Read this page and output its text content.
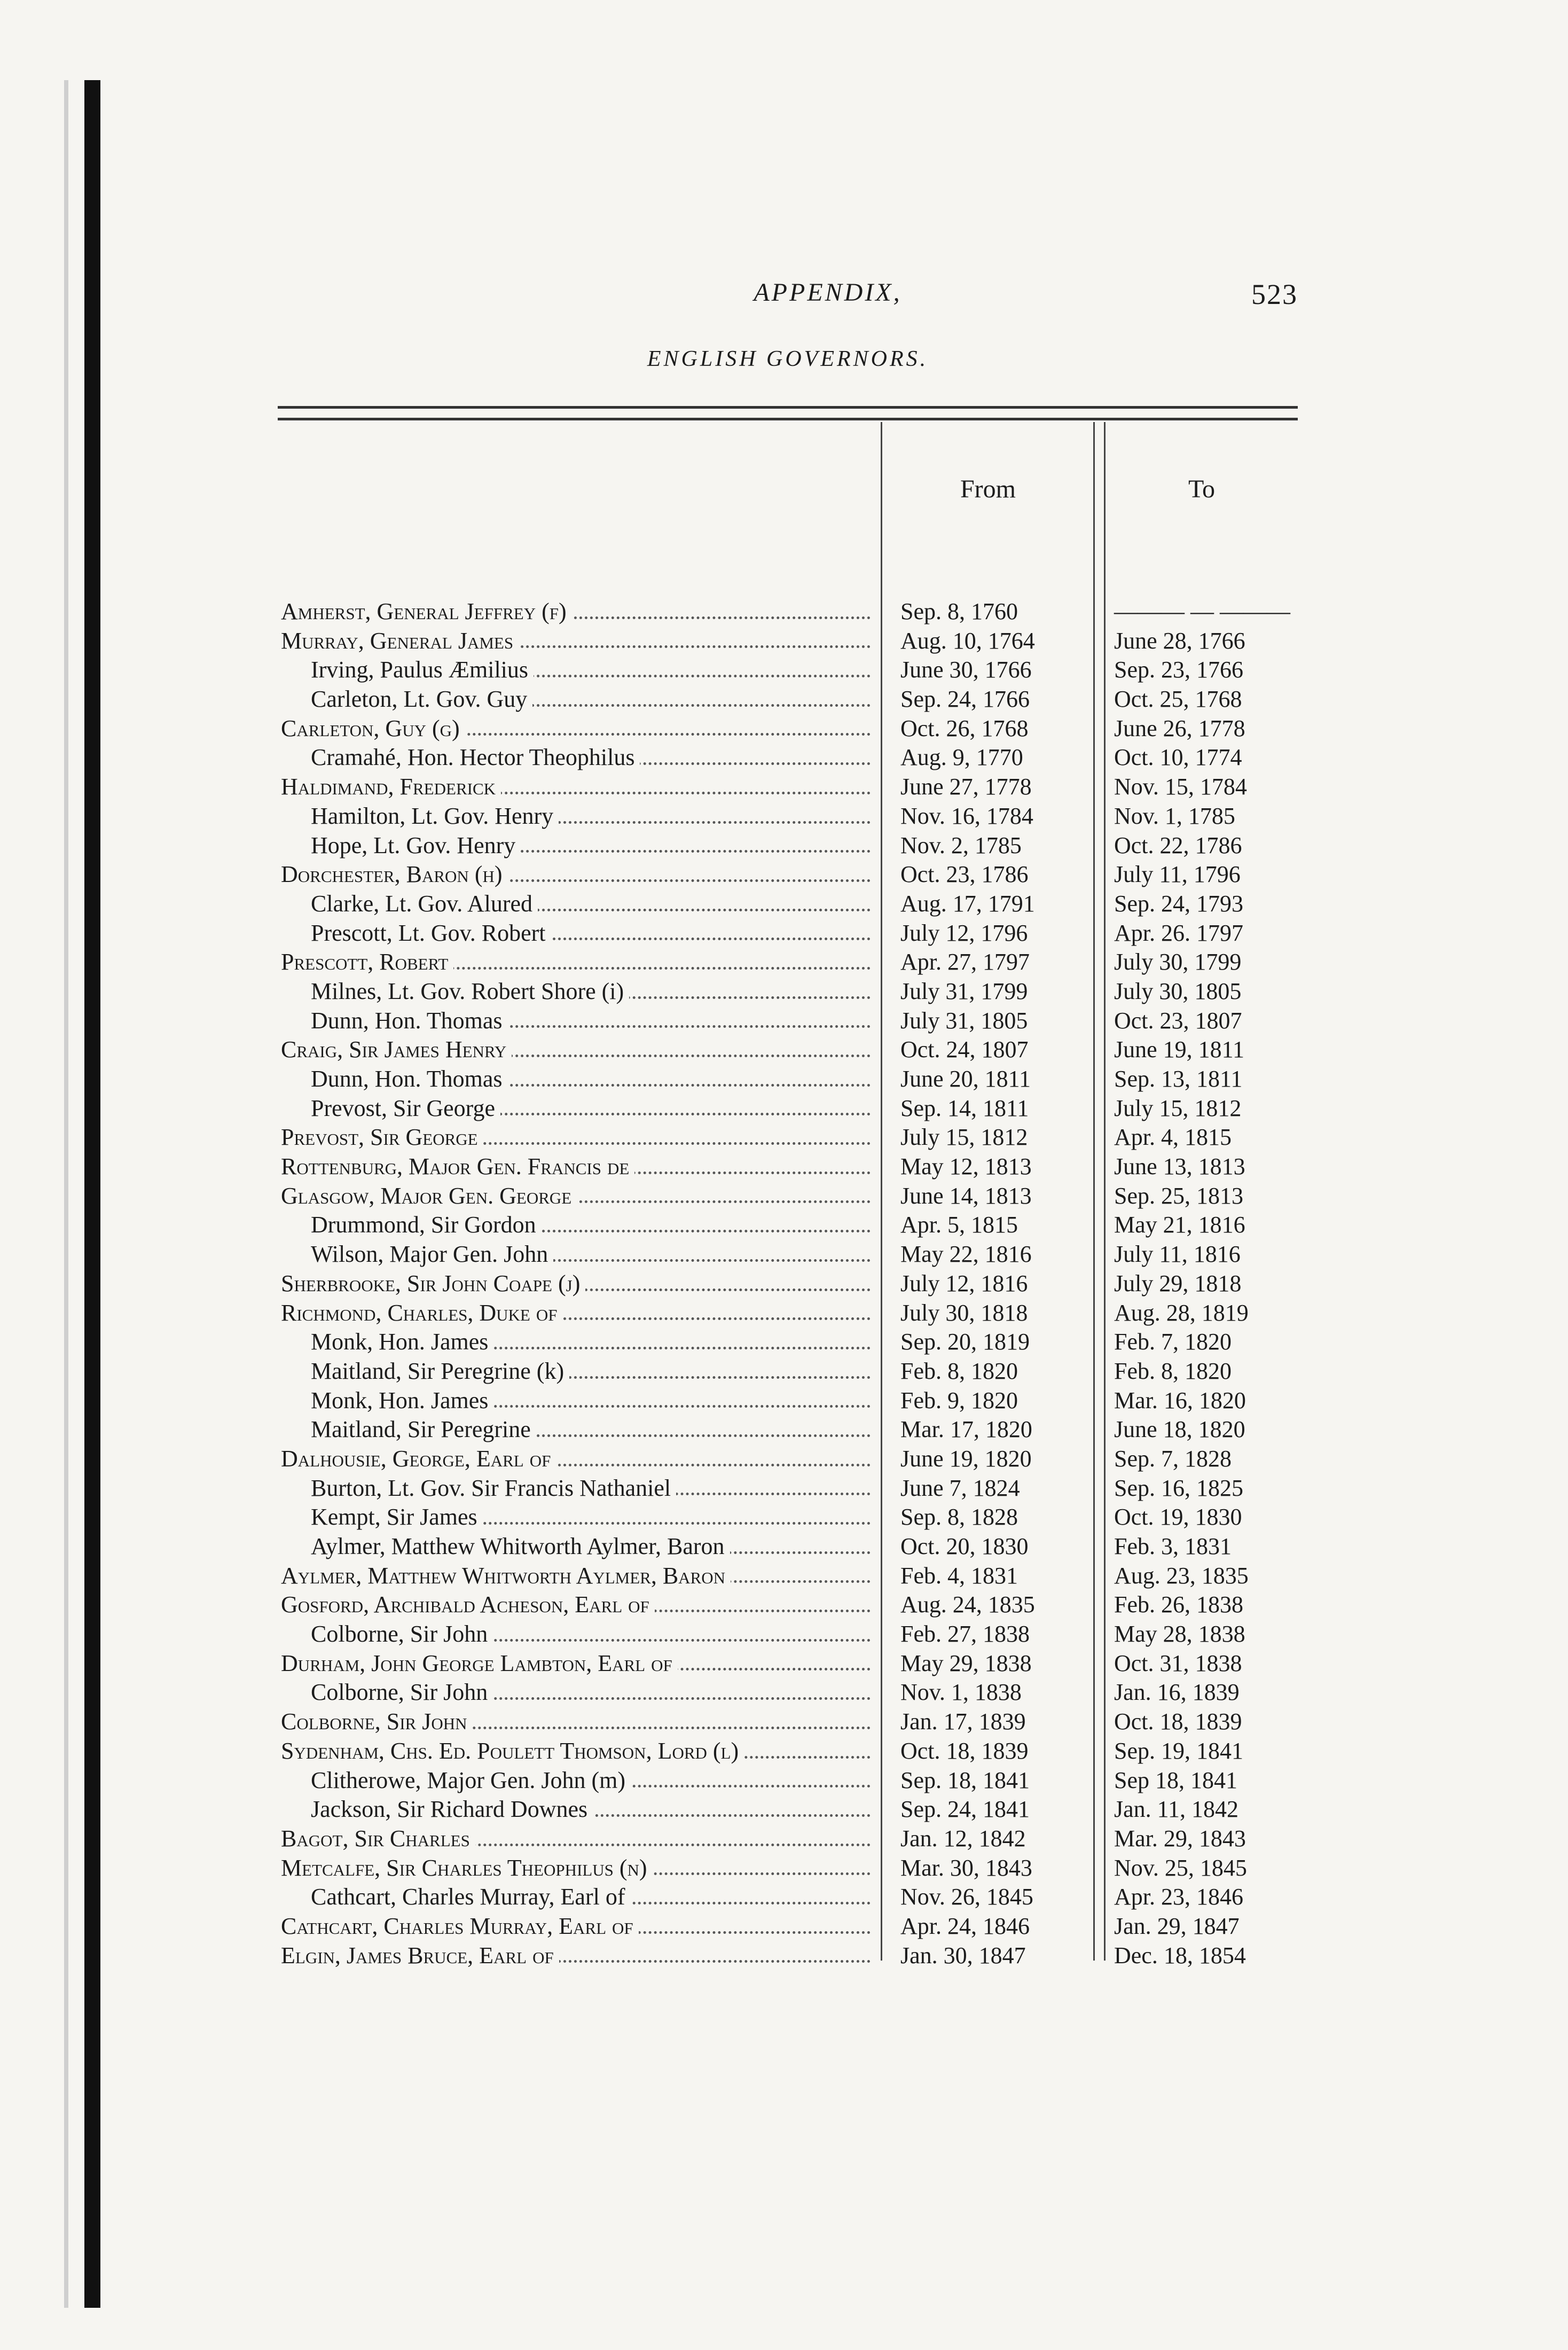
APPENDIX,	523
ENGLISH GOVERNORS.
From	To
Amherst, General Jeffrey (f)	Sep. 8, 1760	——— — ———
Murray, General James	Aug. 10, 1764	June 28, 1766
Irving, Paulus Æmilius	June 30, 1766	Sep. 23, 1766
Carleton, Lt. Gov. Guy	Sep. 24, 1766	Oct. 25, 1768
Carleton, Guy (g)	Oct. 26, 1768	June 26, 1778
Cramahé, Hon. Hector Theophilus	Aug. 9, 1770	Oct. 10, 1774
Haldimand, Frederick	June 27, 1778	Nov. 15, 1784
Hamilton, Lt. Gov. Henry	Nov. 16, 1784	Nov. 1, 1785
Hope, Lt. Gov. Henry	Nov. 2, 1785	Oct. 22, 1786
Dorchester, Baron (h)	Oct. 23, 1786	July 11, 1796
Clarke, Lt. Gov. Alured	Aug. 17, 1791	Sep. 24, 1793
Prescott, Lt. Gov. Robert	July 12, 1796	Apr. 26. 1797
Prescott, Robert	Apr. 27, 1797	July 30, 1799
Milnes, Lt. Gov. Robert Shore (i)	July 31, 1799	July 30, 1805
Dunn, Hon. Thomas	July 31, 1805	Oct. 23, 1807
Craig, Sir James Henry	Oct. 24, 1807	June 19, 1811
Dunn, Hon. Thomas	June 20, 1811	Sep. 13, 1811
Prevost, Sir George	Sep. 14, 1811	July 15, 1812
Prevost, Sir George	July 15, 1812	Apr. 4, 1815
Rottenburg, Major Gen. Francis de	May 12, 1813	June 13, 1813
Glasgow, Major Gen. George	June 14, 1813	Sep. 25, 1813
Drummond, Sir Gordon	Apr. 5, 1815	May 21, 1816
Wilson, Major Gen. John	May 22, 1816	July 11, 1816
Sherbrooke, Sir John Coape (j)	July 12, 1816	July 29, 1818
Richmond, Charles, Duke of	July 30, 1818	Aug. 28, 1819
Monk, Hon. James	Sep. 20, 1819	Feb. 7, 1820
Maitland, Sir Peregrine (k)	Feb. 8, 1820	Feb. 8, 1820
Monk, Hon. James	Feb. 9, 1820	Mar. 16, 1820
Maitland, Sir Peregrine	Mar. 17, 1820	June 18, 1820
Dalhousie, George, Earl of	June 19, 1820	Sep. 7, 1828
Burton, Lt. Gov. Sir Francis Nathaniel	June 7, 1824	Sep. 16, 1825
Kempt, Sir James	Sep. 8, 1828	Oct. 19, 1830
Aylmer, Matthew Whitworth Aylmer, Baron	Oct. 20, 1830	Feb. 3, 1831
Aylmer, Matthew Whitworth Aylmer, Baron	Feb. 4, 1831	Aug. 23, 1835
Gosford, Archibald Acheson, Earl of	Aug. 24, 1835	Feb. 26, 1838
Colborne, Sir John	Feb. 27, 1838	May 28, 1838
Durham, John George Lambton, Earl of	May 29, 1838	Oct. 31, 1838
Colborne, Sir John	Nov. 1, 1838	Jan. 16, 1839
Colborne, Sir John	Jan. 17, 1839	Oct. 18, 1839
Sydenham, Chs. Ed. Poulett Thomson, Lord (l)	Oct. 18, 1839	Sep. 19, 1841
Clitherowe, Major Gen. John (m)	Sep. 18, 1841	Sep 18, 1841
Jackson, Sir Richard Downes	Sep. 24, 1841	Jan. 11, 1842
Bagot, Sir Charles	Jan. 12, 1842	Mar. 29, 1843
Metcalfe, Sir Charles Theophilus (n)	Mar. 30, 1843	Nov. 25, 1845
Cathcart, Charles Murray, Earl of	Nov. 26, 1845	Apr. 23, 1846
Cathcart, Charles Murray, Earl of	Apr. 24, 1846	Jan. 29, 1847
Elgin, James Bruce, Earl of	Jan. 30, 1847	Dec. 18, 1854
